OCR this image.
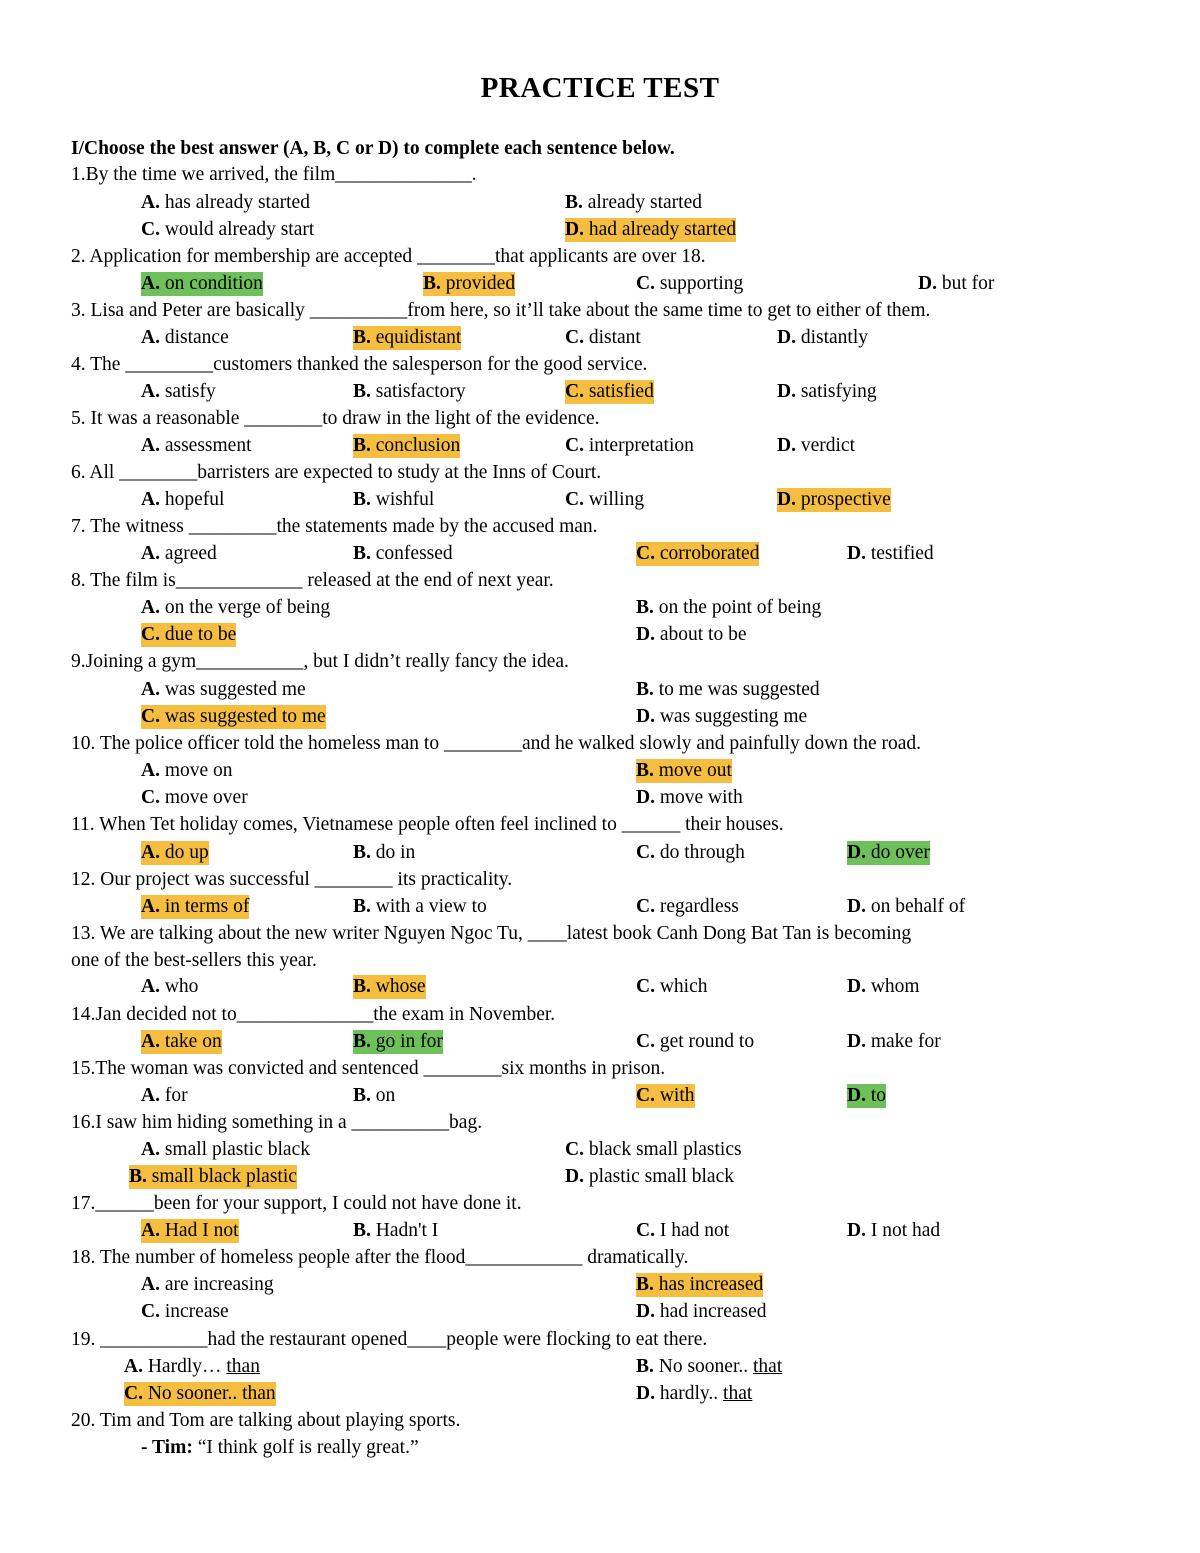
PRACTICE TEST
I/Choose the best answer (A, B, C or D) to complete each sentence below.
1.By the time we arrived, the film______________.
A. has already started	B. already started
C. would already start	D. had already started
2. Application for membership are accepted ________that applicants are over 18.
A. on condition	B. provided	C. supporting	D. but for
3. Lisa and Peter are basically __________from here, so it’ll take about the same time to get to either of them.
A. distance	B. equidistant	C. distant	D. distantly
4. The _________customers thanked the salesperson for the good service.
A. satisfy	B. satisfactory	C. satisfied	D. satisfying
5. It was a reasonable ________to draw in the light of the evidence.
A. assessment	B. conclusion	C. interpretation	D. verdict
6. All ________barristers are expected to study at the Inns of Court.
A. hopeful	B. wishful	C. willing	D. prospective
7. The witness _________the statements made by the accused man.
A. agreed	B. confessed	C. corroborated	D. testified
8. The film is_____________ released at the end of next year.
A. on the verge of being	B. on the point of being
C. due to be	D. about to be
9.Joining a gym___________, but I didn’t really fancy the idea.
A. was suggested me	B. to me was suggested
C. was suggested to me	D. was suggesting me
10. The police officer told the homeless man to ________and he walked slowly and painfully down the road.
A. move on	B. move out
C. move over	D. move with
11. When Tet holiday comes, Vietnamese people often feel inclined to ______ their houses.
A. do up	B. do in	C. do through	D. do over
12. Our project was successful ________ its practicality.
A. in terms of	B. with a view to	C. regardless	D. on behalf of
13. We are talking about the new writer Nguyen Ngoc Tu, ____latest book Canh Dong Bat Tan is becoming
one of the best-sellers this year.
A. who	B. whose	C. which	D. whom
14.Jan decided not to______________the exam in November.
A. take on	B. go in for	C. get round to	D. make for
15.The woman was convicted and sentenced ________six months in prison.
A. for	B. on	C. with	D. to
16.I saw him hiding something in a __________bag.
A. small plastic black	C. black small plastics
B. small black plastic	D. plastic small black
17.______been for your support, I could not have done it.
A. Had I not	B. Hadn't I	C. I had not	D. I not had
18. The number of homeless people after the flood____________ dramatically.
A. are increasing	B. has increased
C. increase	D. had increased
19. ___________had the restaurant opened____people were flocking to eat there.
A. Hardly… than	B. No sooner.. that
C. No sooner.. than	D. hardly.. that
20. Tim and Tom are talking about playing sports.
- Tim: “I think golf is really great.”
